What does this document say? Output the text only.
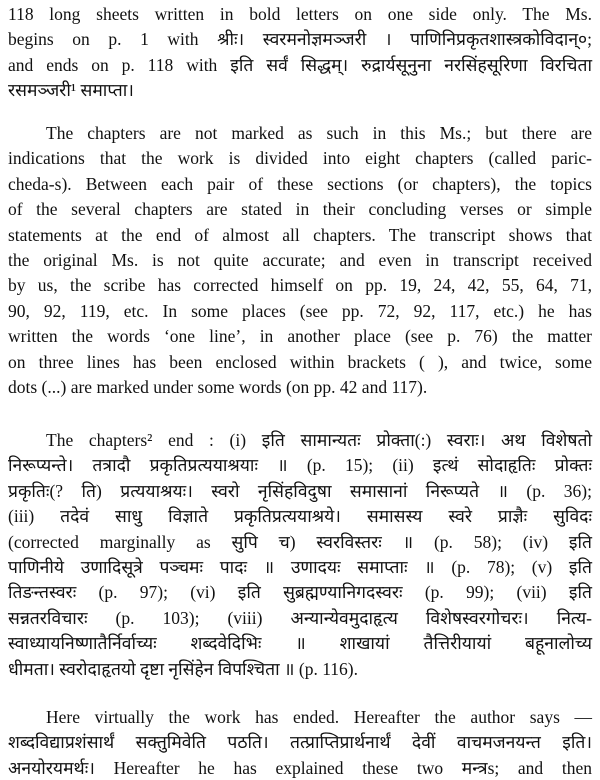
118 long sheets written in bold letters on one side only. The Ms.
begins on p. 1 with श्रीः। स्वरमनोज्ञमञ्जरी । पाणिनिप्रकृतशास्त्रकोविदान्०;
and ends on p. 118 with इति सर्वं सिद्धम्। रुद्रार्यसूनुना नरसिंहसूरिणा विरचिता
रसमञ्जरी¹ समाप्ता।
The chapters are not marked as such in this Ms.; but there are
indications that the work is divided into eight chapters (called paric-
cheda-s). Between each pair of these sections (or chapters), the topics
of the several chapters are stated in their concluding verses or simple
statements at the end of almost all chapters. The transcript shows that
the original Ms. is not quite accurate; and even in transcript received
by us, the scribe has corrected himself on pp. 19, 24, 42, 55, 64, 71,
90, 92, 119, etc. In some places (see pp. 72, 92, 117, etc.) he has
written the words ‘one line’, in another place (see p. 76) the matter
on three lines has been enclosed within brackets ( ), and twice, some
dots (...) are marked under some words (on pp. 42 and 117).
The chapters² end : (i) इति सामान्यतः प्रोक्ता(:) स्वराः। अथ विशेषतो
निरूप्यन्ते। तत्रादौ प्रकृतिप्रत्ययाश्रयाः ॥ (p. 15); (ii) इत्थं सोदाहृतिः प्रोक्तः
प्रकृतिः(? ति) प्रत्ययाश्रयः। स्वरो नृसिंहविदुषा समासानां निरूप्यते ॥ (p. 36);
(iii) तदेवं साधु विज्ञाते प्रकृतिप्रत्ययाश्रये। समासस्य स्वरे प्राज्ञैः सुविदः
(corrected marginally as सुपि च) स्वरविस्तरः ॥ (p. 58); (iv) इति
पाणिनीये उणादिसूत्रे पञ्चमः पादः ॥ उणादयः समाप्ताः ॥ (p. 78); (v) इति
तिङन्तस्वरः (p. 97); (vi) इति सुब्रह्मण्यानिगदस्वरः (p. 99); (vii) इति
सन्नतरविचारः (p. 103); (viii) अन्यान्येवमुदाहृत्य विशेषस्वरगोचरः। नित्य-
स्वाध्यायनिष्णातैर्निर्वाच्यः शब्दवेदिभिः ॥ शाखायां तैत्तिरीयायां बहूनालोच्य
धीमता। स्वरोदाहृतयो दृष्टा नृसिंहेन विपश्चिता ॥ (p. 116).
Here virtually the work has ended. Hereafter the author says —
शब्दविद्याप्रशंसार्थं सक्तुमिवेति पठति। तत्प्राप्तिप्रार्थनार्थं देवीं वाचमजनयन्त इति।
अनयोरयमर्थः। Hereafter he has explained these two मन्त्रs; and then
